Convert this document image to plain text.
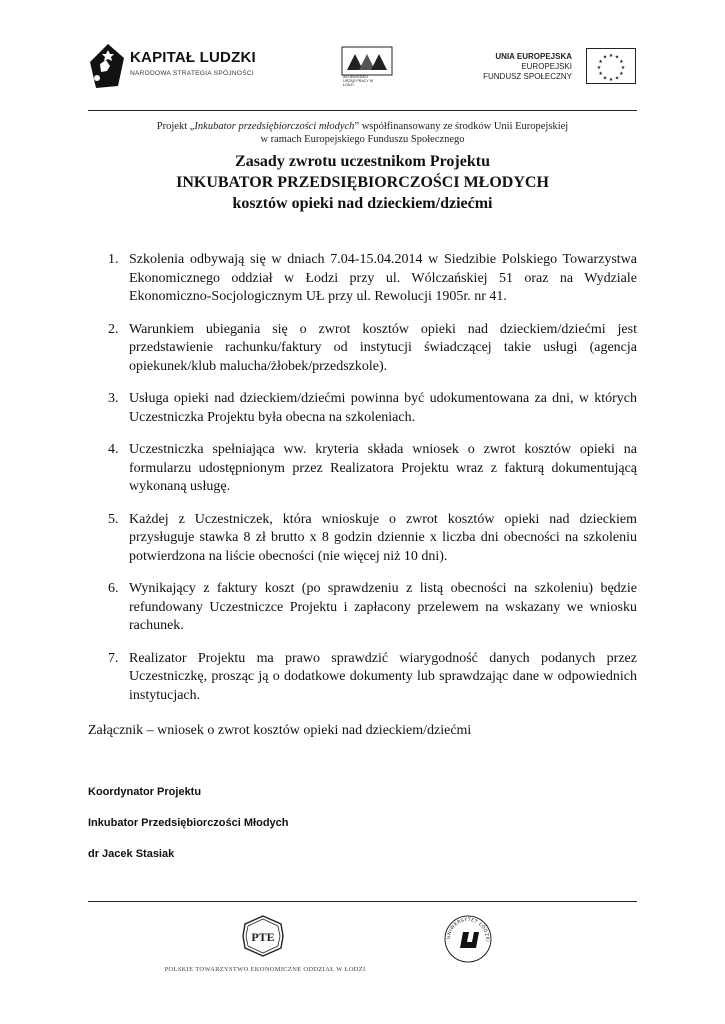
KAPITAŁ LUDZKI
NARODOWA STRATEGIA SPÓJNOŚCI	WOJEWÓDZKI URZĄD PRACY W ŁODZI
UNIA EUROPEJSKA
EUROPEJSKI
FUNDUSZ SPOŁECZNY
★ ★
★
★
★
★
★
★
★
★
★
★
Projekt „Inkubator przedsiębiorczości młodych” współfinansowany ze środków Unii Europejskiej
w ramach Europejskiego Funduszu Społecznego
Zasady zwrotu uczestnikom Projektu
INKUBATOR PRZEDSIĘBIORCZOŚCI MŁODYCH
kosztów opieki nad dzieckiem/dziećmi
1. Szkolenia odbywają się w dniach 7.04-15.04.2014 w Siedzibie Polskiego Towarzystwa Ekonomicznego oddział w Łodzi przy ul. Wólczańskiej 51 oraz na Wydziale Ekonomiczno-Socjologicznym UŁ przy ul. Rewolucji 1905r. nr 41.
2. Warunkiem ubiegania się o zwrot kosztów opieki nad dzieckiem/dziećmi jest przedstawienie rachunku/faktury od instytucji świadczącej takie usługi (agencja opiekunek/klub malucha/żłobek/przedszkole).
3. Usługa opieki nad dzieckiem/dziećmi powinna być udokumentowana za dni, w których Uczestniczka Projektu była obecna na szkoleniach.
4. Uczestniczka spełniająca ww. kryteria składa wniosek o zwrot kosztów opieki na formularzu udostępnionym przez Realizatora Projektu wraz z fakturą dokumentującą wykonaną usługę.
5. Każdej z Uczestniczek, która wnioskuje o zwrot kosztów opieki nad dzieckiem przysługuje stawka 8 zł brutto x 8 godzin dziennie x liczba dni obecności na szkoleniu potwierdzona na liście obecności (nie więcej niż 10 dni).
6. Wynikający z faktury koszt (po sprawdzeniu z listą obecności na szkoleniu) będzie refundowany Uczestniczce Projektu i zapłacony przelewem na wskazany we wniosku rachunek.
7. Realizator Projektu ma prawo sprawdzić wiarygodność danych podanych przez Uczestniczkę, prosząc ją o dodatkowe dokumenty lub sprawdzając dane w odpowiednich instytucjach.
Załącznik – wniosek o zwrot kosztów opieki nad dzieckiem/dziećmi
Koordynator Projektu
Inkubator Przedsiębiorczości Młodych
dr Jacek Stasiak
PTE
POLSKIE TOWARZYSTWO EKONOMICZNE ODDZIAŁ W ŁODZI
UNIWERSYTET ŁÓDZKI
